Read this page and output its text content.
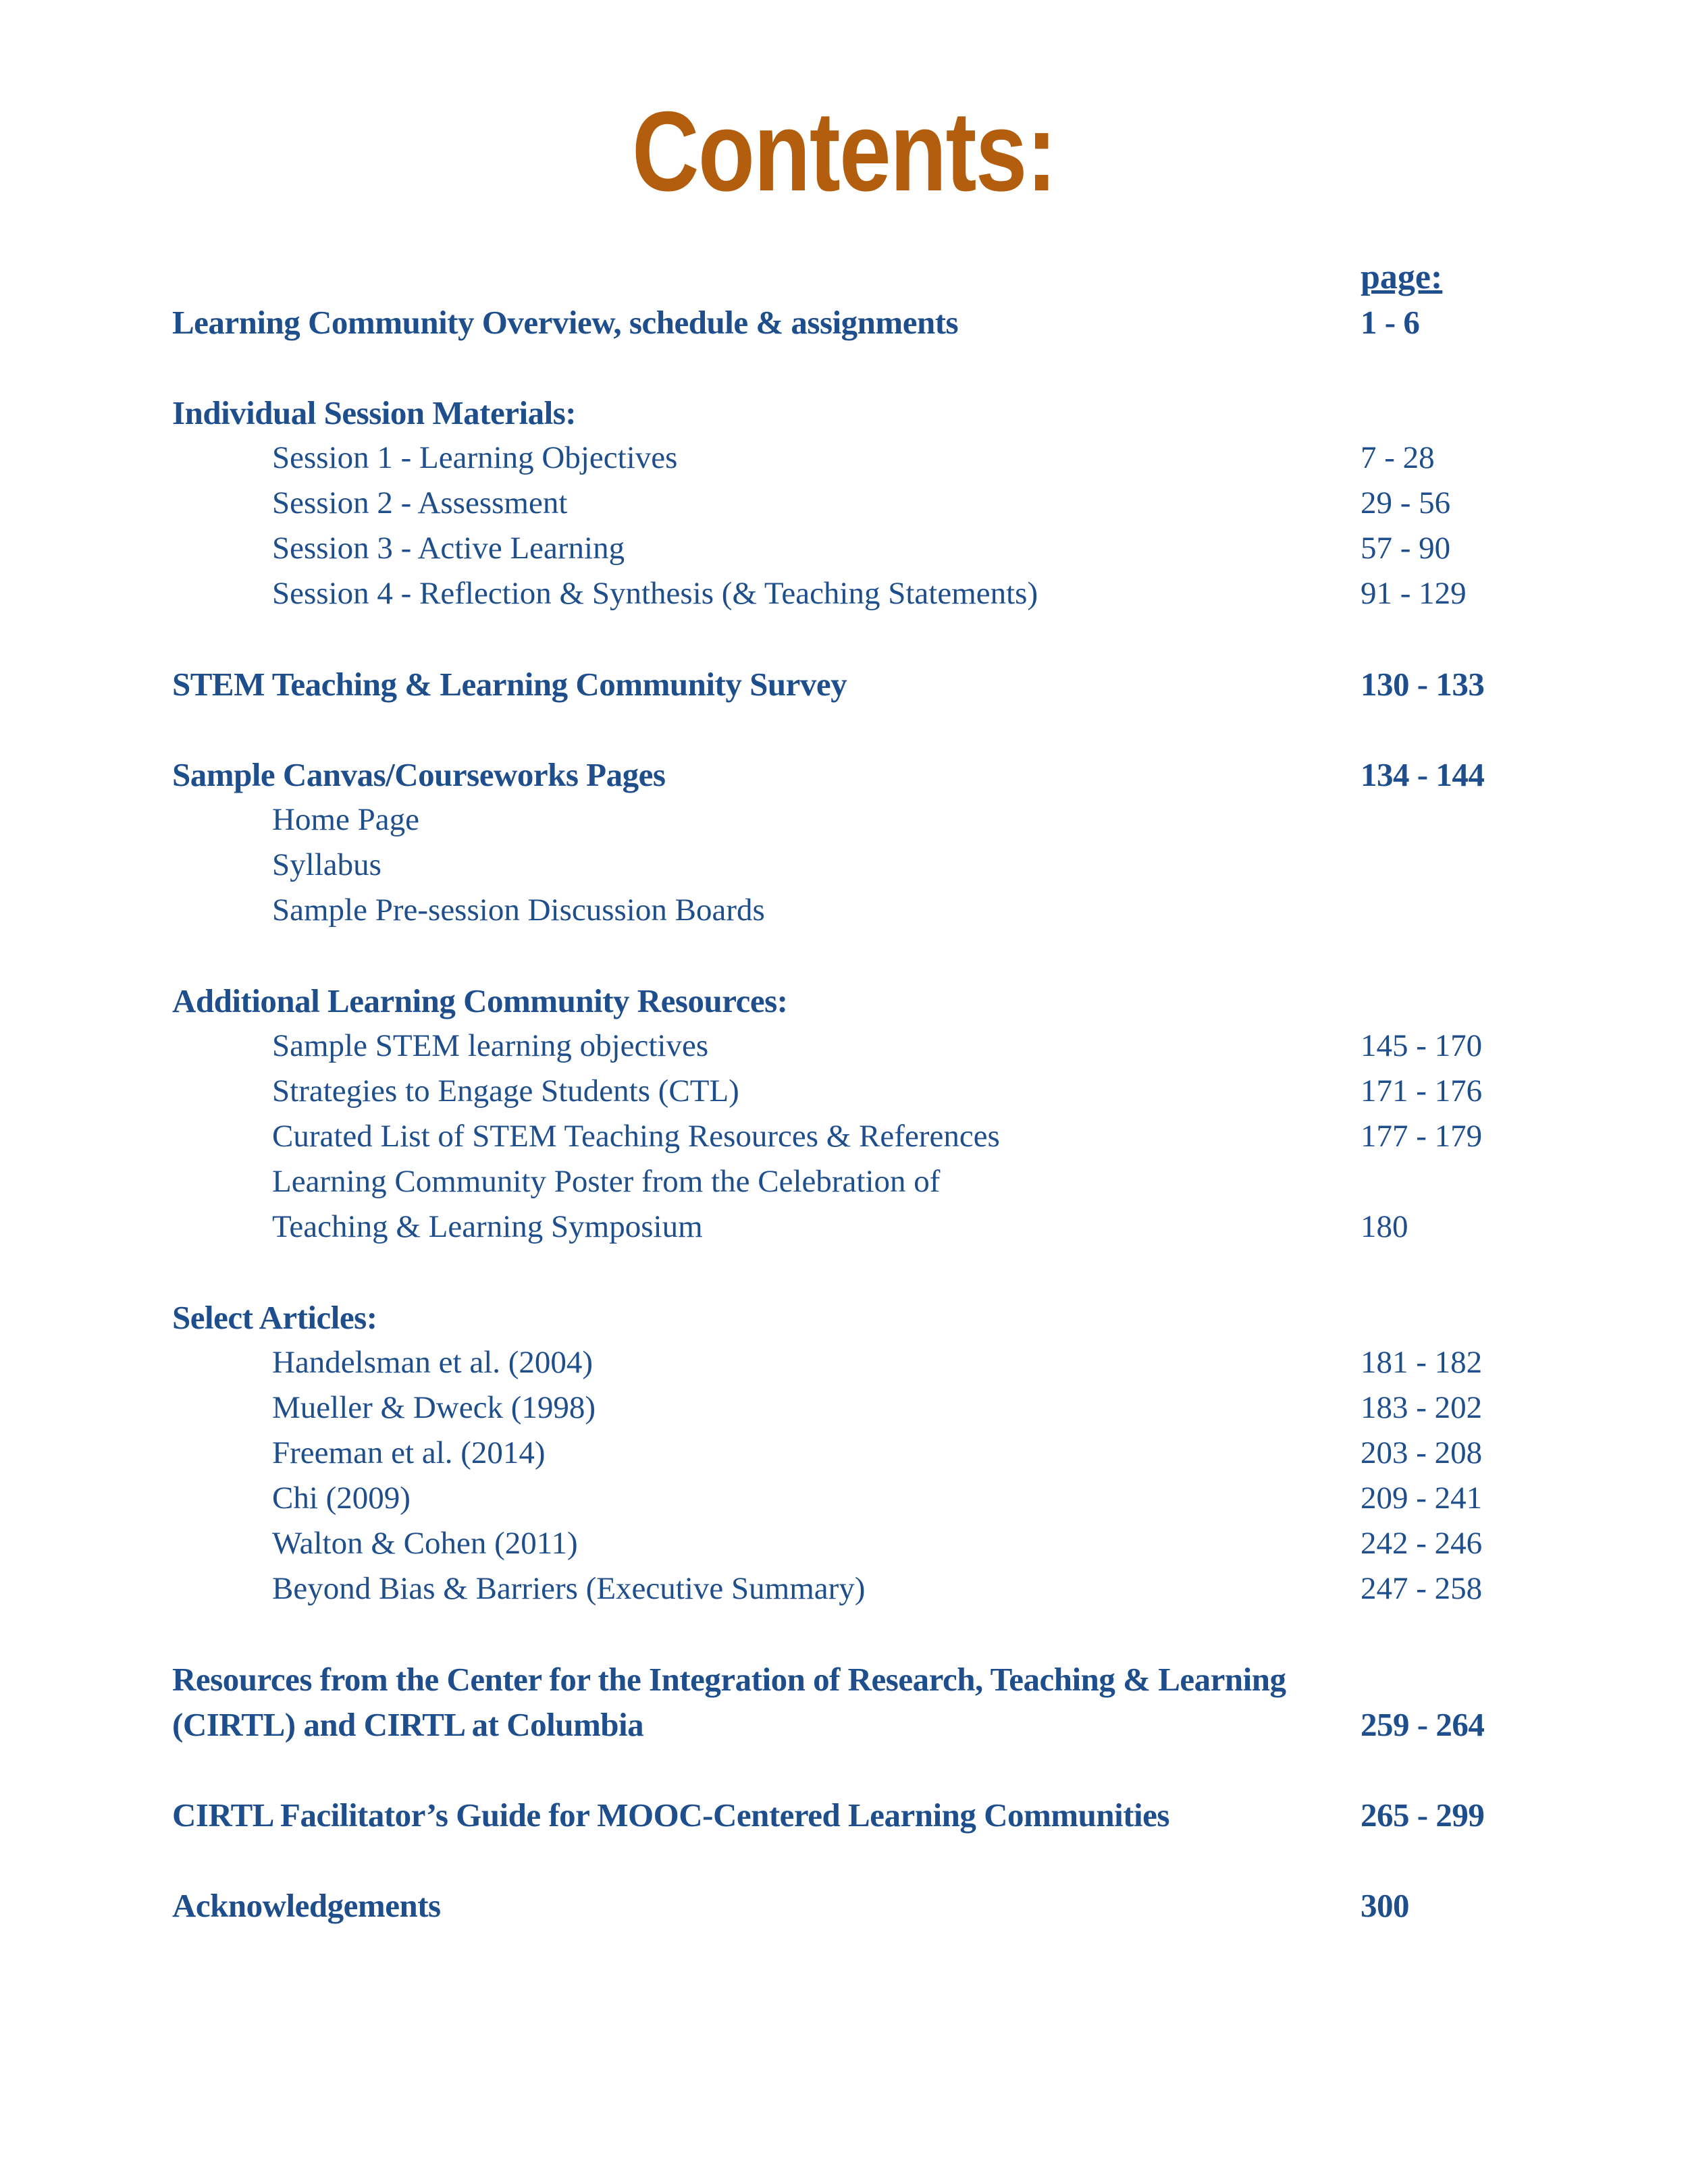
Contents:
page:
Learning Community Overview, schedule & assignments	1 - 6
Individual Session Materials:
Session 1 - Learning Objectives	7 - 28
Session 2 - Assessment	29 - 56
Session 3 - Active Learning	57 - 90
Session 4 - Reflection & Synthesis (& Teaching Statements)	91 - 129
STEM Teaching & Learning Community Survey	130 - 133
Sample Canvas/Courseworks Pages	134 - 144
Home Page
Syllabus
Sample Pre-session Discussion Boards
Additional Learning Community Resources:
Sample STEM learning objectives	145 - 170
Strategies to Engage Students (CTL)	171 - 176
Curated List of STEM Teaching Resources & References	177 - 179
Learning Community Poster from the Celebration of
Teaching & Learning Symposium	180
Select Articles:
Handelsman et al. (2004)	181 - 182
Mueller & Dweck (1998)	183 - 202
Freeman et al. (2014)	203 - 208
Chi (2009)	209 - 241
Walton & Cohen (2011)	242 - 246
Beyond Bias & Barriers (Executive Summary)	247 - 258
Resources from the Center for the Integration of Research, Teaching & Learning
(CIRTL) and CIRTL at Columbia	259 - 264
CIRTL Facilitator’s Guide for MOOC-Centered Learning Communities	265 - 299
Acknowledgements	300
